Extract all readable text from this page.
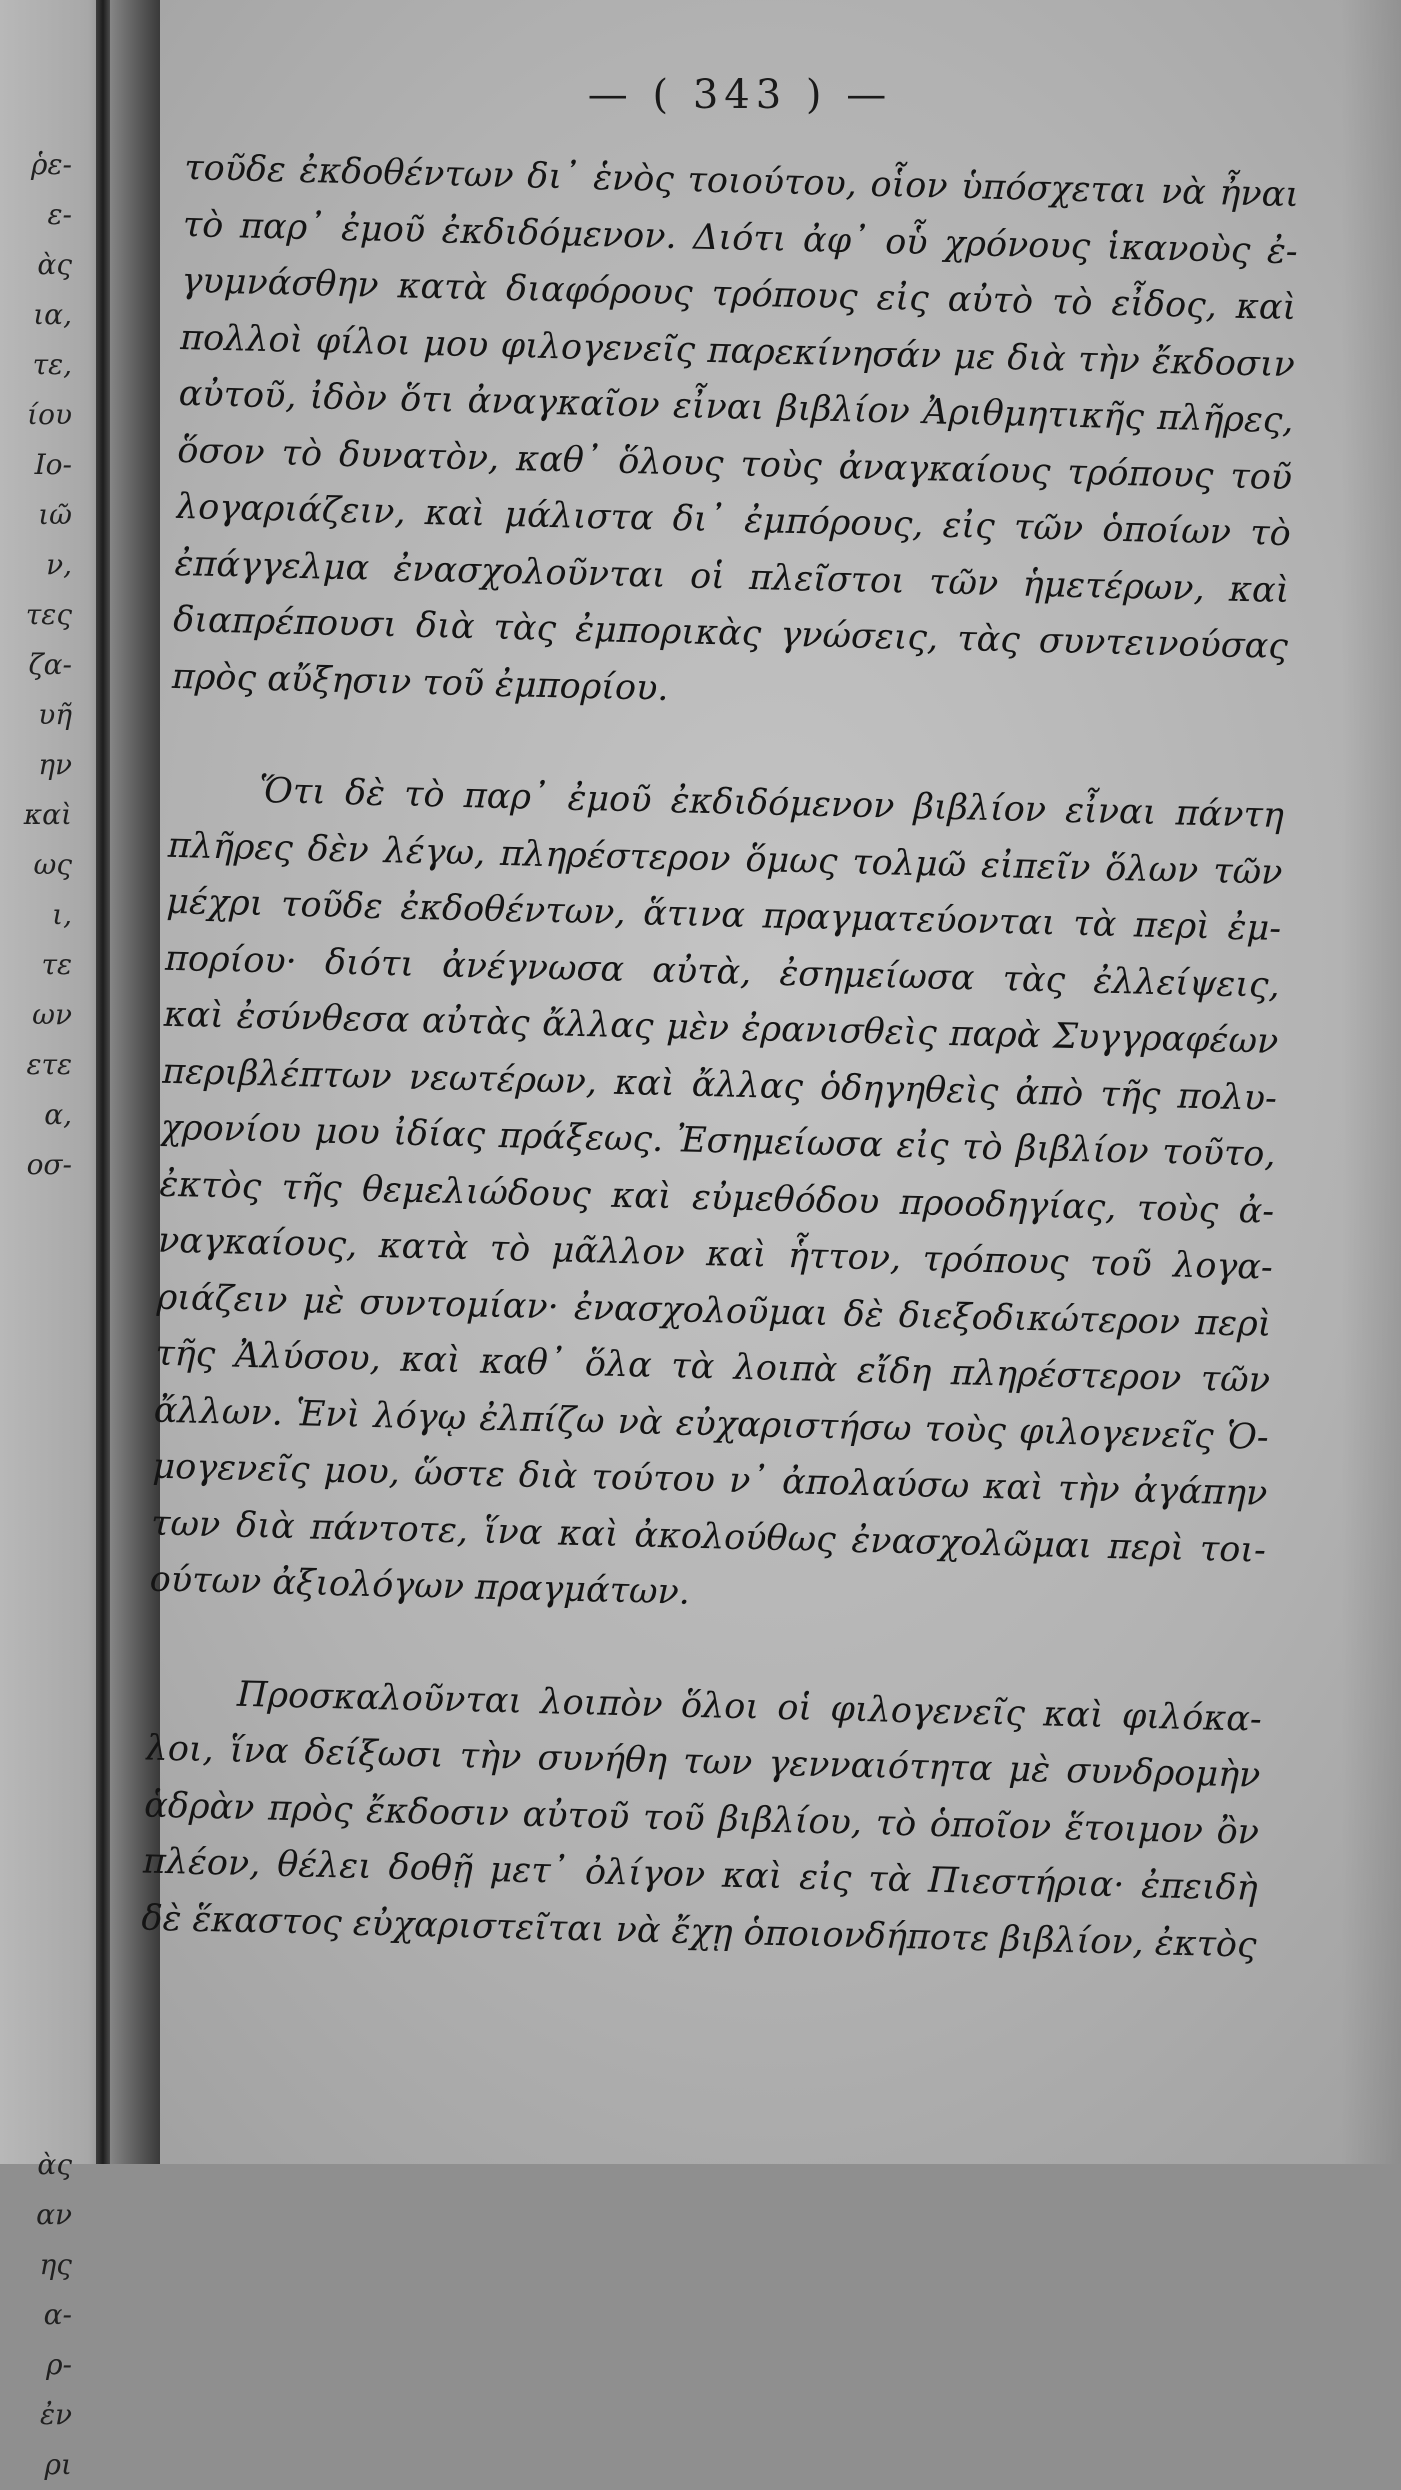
ῥε-
ε-
ὰς
ια,
τε,
ίου
Ιο-
ιῶ
ν,
τες
ζα-
υῆ
ην
καὶ
ως
ι,
τε
ων
ετε
α,
οσ-
ὰς
αν
ης
α-
ρ-
ἐν
ρι
— ( 343 ) —
τοῦδε ἐκδοθέντων δι᾽ ἑνὸς τοιούτου, οἷον ὑπόσχεται νὰ ἦναι
τὸ παρ᾽ ἐμοῦ ἐκδιδόμενον. Διότι ἀφ᾽ οὗ χρόνους ἱκανοὺς ἐ-
γυμνάσθην κατὰ διαφόρους τρόπους εἰς αὐτὸ τὸ εἶδος, καὶ
πολλοὶ φίλοι μου φιλογενεῖς παρεκίνησάν με διὰ τὴν ἔκδοσιν
αὐτοῦ, ἰδὸν ὅτι ἀναγκαῖον εἶναι βιβλίον Ἀριθμητικῆς πλῆρες,
ὅσον τὸ δυνατὸν, καθ᾽ ὅλους τοὺς ἀναγκαίους τρόπους τοῦ
λογαριάζειν, καὶ μάλιστα δι᾽ ἐμπόρους, εἰς τῶν ὁποίων τὸ
ἐπάγγελμα ἐνασχολοῦνται οἱ πλεῖστοι τῶν ἡμετέρων, καὶ
διαπρέπουσι διὰ τὰς ἐμπορικὰς γνώσεις, τὰς συντεινούσας
πρὸς αὔξησιν τοῦ ἐμπορίου.
Ὅτι δὲ τὸ παρ᾽ ἐμοῦ ἐκδιδόμενον βιβλίον εἶναι πάντη
πλῆρες δὲν λέγω, πληρέστερον ὅμως τολμῶ εἰπεῖν ὅλων τῶν
μέχρι τοῦδε ἐκδοθέντων, ἅτινα πραγματεύονται τὰ περὶ ἐμ-
πορίου· διότι ἀνέγνωσα αὐτὰ, ἐσημείωσα τὰς ἐλλείψεις,
καὶ ἐσύνθεσα αὐτὰς ἄλλας μὲν ἐρανισθεὶς παρὰ Συγγραφέων
περιβλέπτων νεωτέρων, καὶ ἄλλας ὁδηγηθεὶς ἀπὸ τῆς πολυ-
χρονίου μου ἰδίας πράξεως. Ἐσημείωσα εἰς τὸ βιβλίον τοῦτο,
ἐκτὸς τῆς θεμελιώδους καὶ εὐμεθόδου προοδηγίας, τοὺς ἀ-
ναγκαίους, κατὰ τὸ μᾶλλον καὶ ἧττον, τρόπους τοῦ λογα-
ριάζειν μὲ συντομίαν· ἐνασχολοῦμαι δὲ διεξοδικώτερον περὶ
τῆς Ἀλύσου, καὶ καθ᾽ ὅλα τὰ λοιπὰ εἴδη πληρέστερον τῶν
ἄλλων. Ἑνὶ λόγῳ ἐλπίζω νὰ εὐχαριστήσω τοὺς φιλογενεῖς Ὁ-
μογενεῖς μου, ὥστε διὰ τούτου ν᾽ ἀπολαύσω καὶ τὴν ἀγάπην
των διὰ πάντοτε, ἵνα καὶ ἀκολούθως ἐνασχολῶμαι περὶ τοι-
ούτων ἀξιολόγων πραγμάτων.
Προσκαλοῦνται λοιπὸν ὅλοι οἱ φιλογενεῖς καὶ φιλόκα-
λοι, ἵνα δείξωσι τὴν συνήθη των γενναιότητα μὲ συνδρομὴν
ἁδρὰν πρὸς ἔκδοσιν αὐτοῦ τοῦ βιβλίου, τὸ ὁποῖον ἕτοιμον ὂν
πλέον, θέλει δοθῇ μετ᾽ ὀλίγον καὶ εἰς τὰ Πιεστήρια· ἐπειδὴ
δὲ ἕκαστος εὐχαριστεῖται νὰ ἔχῃ ὁποιονδήποτε βιβλίον, ἐκτὸς
